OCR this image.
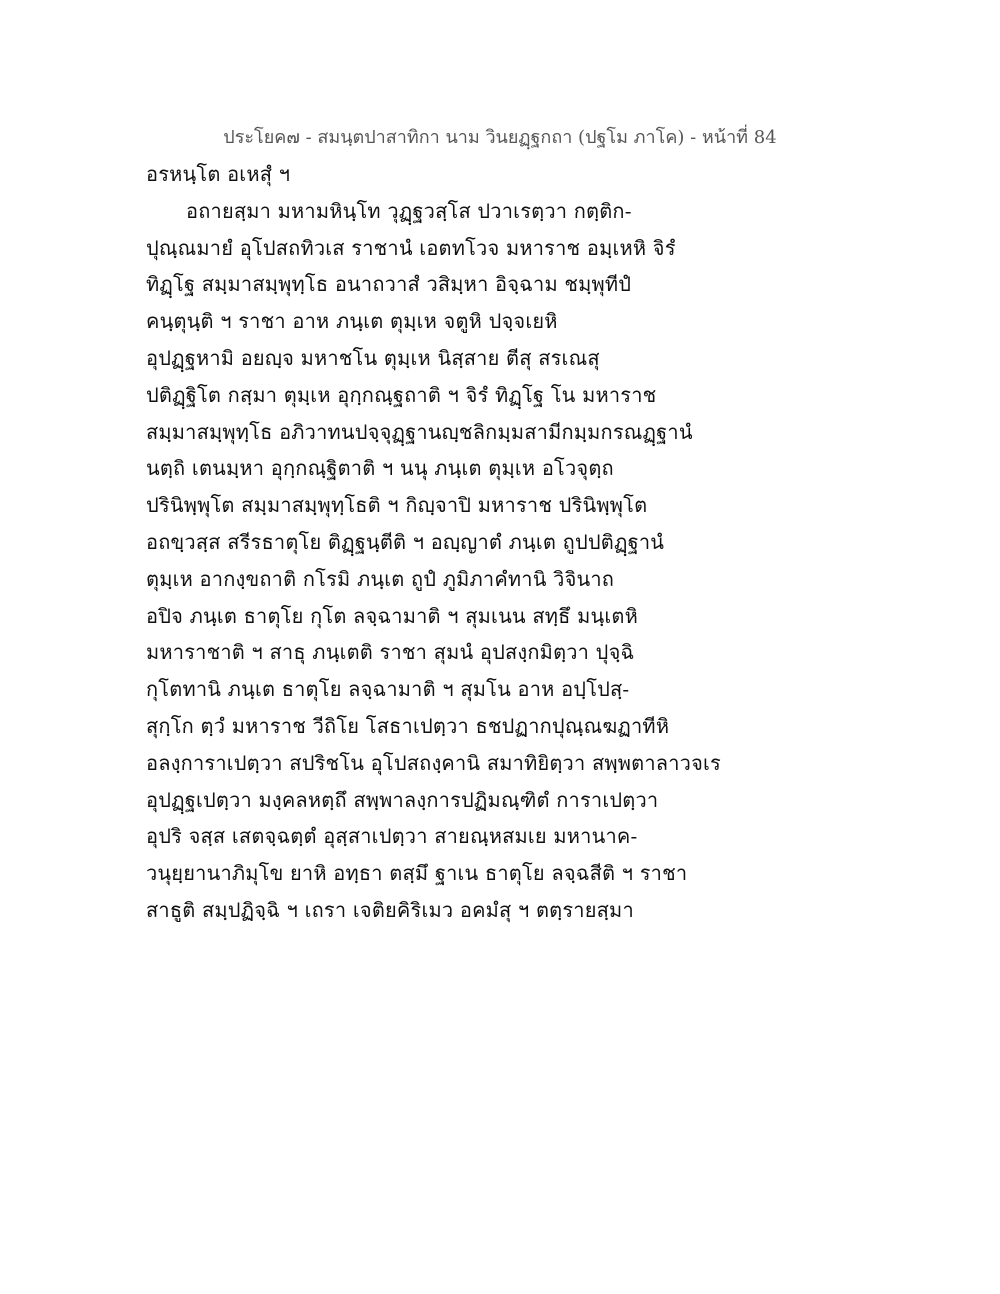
ประโยค๗ - สมนฺตปาสาทิกา นาม วินยฏฺฐกถา (ปฐโม ภาโค) - หน้าที่ 84
อรหนฺโต อเหสุํ ฯ
อถายสฺมา มหามหินฺโท วุฏฺฐวสฺโส ปวาเรตฺวา กตฺติก-
ปุณฺณมายํ อุโปสถทิวเส ราชานํ เอตทโวจ มหาราช อมฺเหหิ จิรํ
ทิฏฺโฐ สมฺมาสมฺพุทฺโธ อนาถวาสํ วสิมฺหา อิจฺฉาม ชมฺพุทีปํ
คนฺตุนฺติ ฯ ราชา อาห ภนฺเต ตุมฺเห จตูหิ ปจฺจเยหิ
อุปฏฺฐหามิ อยญฺจ มหาชโน ตุมฺเห นิสฺสาย ตีสุ สรเณสุ
ปติฏฺฐิโต กสฺมา ตุมฺเห อุกฺกณฺฐถาติ ฯ จิรํ ทิฏฺโฐ โน มหาราช
สมฺมาสมฺพุทฺโธ อภิวาทนปจฺจุฏฺฐานญฺชลิกมฺมสามีกมฺมกรณฏฺฐานํ
นตฺถิ เตนมฺหา อุกฺกณฺฐิตาติ ฯ นนุ ภนฺเต ตุมฺเห อโวจุตฺถ
ปรินิพฺพุโต สมฺมาสมฺพุทฺโธติ ฯ กิญฺจาปิ มหาราช ปรินิพฺพุโต
อถขฺวสฺส สรีรธาตุโย ติฏฺฐนฺตีติ ฯ อญฺญาตํ ภนฺเต ถูปปติฏฺฐานํ
ตุมฺเห อากงฺขถาติ กโรมิ ภนฺเต ถูปํ ภูมิภาคํทานิ วิจินาถ
อปิจ ภนฺเต ธาตุโย กุโต ลจฺฉามาติ ฯ สุมเนน สทฺธึ มนฺเตหิ
มหาราชาติ ฯ สาธุ ภนฺเตติ ราชา สุมนํ อุปสงฺกมิตฺวา ปุจฺฉิ
กุโตทานิ ภนฺเต ธาตุโย ลจฺฉามาติ ฯ สุมโน อาห อปฺโปสฺ-
สุกฺโก ตฺวํ มหาราช วีถิโย โสธาเปตฺวา ธชปฏากปุณฺณฆฏาทีหิ
อลงฺการาเปตฺวา สปริชโน อุโปสถงฺคานิ สมาทิยิตฺวา สพฺพตาลาวจเร
อุปฏฺฐเปตฺวา มงฺคลหตฺถึ สพฺพาลงฺการปฏิมณฺฑิตํ การาเปตฺวา
อุปริ จสฺส เสตจฺฉตฺตํ อุสฺสาเปตฺวา สายณฺหสมเย มหานาค-
วนุยฺยานาภิมุโข ยาหิ อทฺธา ตสฺมึ ฐาเน ธาตุโย ลจฺฉสีติ ฯ ราชา
สาธูติ สมฺปฏิจฺฉิ ฯ เถรา เจติยคิริเมว อคมํสุ ฯ ตตฺรายสฺมา
